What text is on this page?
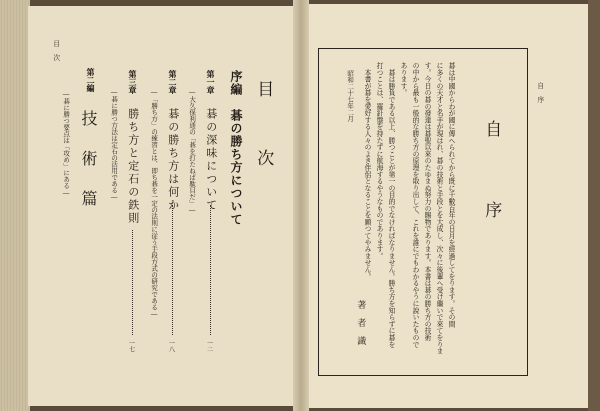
目　次
目　　次
序編　碁の勝ち方について
第一章
碁の深味について
一二
―大久保利通の「碁を打たねば駄目だ」―
第二章
碁の勝ち方は何か
一八
―「勝ち方」の練習とは、即ち碁を一定の法則に従う手段方式の研究である―
第三章
勝ち方と定石の鉄則
一七
―碁に勝つ方法は定石の活用である―
第二編
技　術　篇
―碁に勝つ要点は「攻め」にある―	自　序
自　　序
碁は中國からわが國に傳へられてから既に千數百年の日月を經過してをります。その間
に多くの天才と名手が現はれ、碁の技術と手段とを大成し、次々に後輩へ受け繼いで來てをりま
す。今日の碁の發達は碁聖以來のたゆまぬ努力の賜物であります。本書は碁の勝ち方の技術
の中から最も一般的な勝ち方の原理を取り出して、これを誰にでもわかるやうに說いたもので
あります。
　碁は勝負である以上、勝つことが第一の目的でなければなりません。勝ち方を知らずに碁を
打つことは、羅針盤を持たずに航海するやうなものであります。
　本書が碁を愛好する人々のよき伴侶となることを願つてやみません。
昭和二十七年二月
著　者　識
